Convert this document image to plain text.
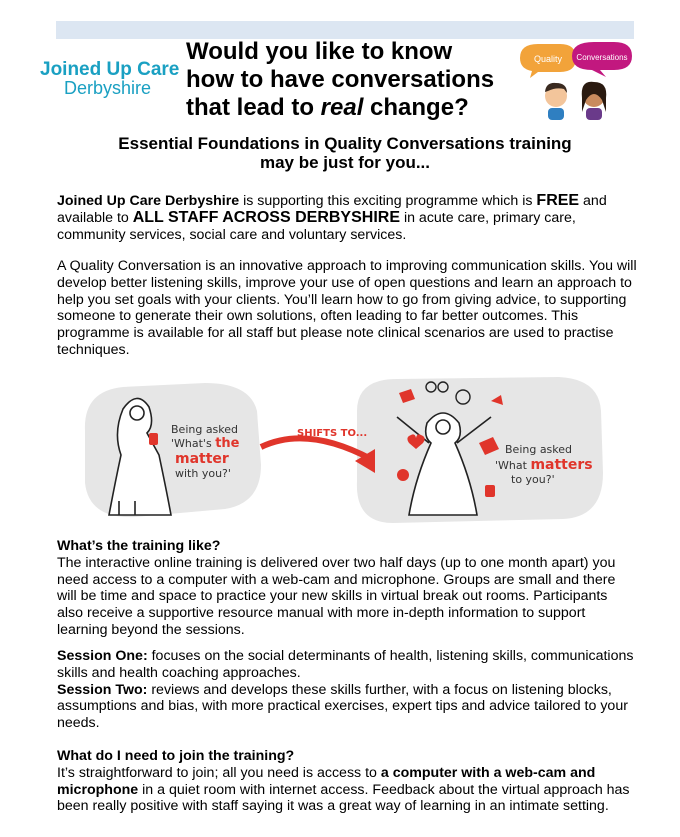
Joined Up Care
Derbyshire
Would you like to know
how to have conversations
that lead to real change?
Quality Conversations
Essential Foundations in Quality Conversations training
may be just for you...

Joined Up Care Derbyshire is supporting this exciting programme which is FREE and available to ALL STAFF ACROSS DERBYSHIRE in acute care, primary care, community services, social care and voluntary services.

A Quality Conversation is an innovative approach to improving communication skills. You will develop better listening skills, improve your use of open questions and learn an approach to help you set goals with your clients. You’ll learn how to go from giving advice, to supporting someone to generate their own solutions, often leading to far better outcomes. This programme is available for all staff but please note clinical scenarios are used to practise techniques.

Being asked 'What's the matter with you?'
SHIFTS TO...
Being asked 'What matters to you?'
What’s the training like?
The interactive online training is delivered over two half days (up to one month apart) you need access to a computer with a web-cam and microphone. Groups are small and there will be time and space to practice your new skills in virtual break out rooms. Participants also receive a supportive resource manual with more in-depth information to support learning beyond the sessions.
Session One: focuses on the social determinants of health, listening skills, communications skills and health coaching approaches.
Session Two: reviews and develops these skills further, with a focus on listening blocks, assumptions and bias, with more practical exercises, expert tips and advice tailored to your needs.
What do I need to join the training?
It’s straightforward to join; all you need is access to a computer with a web-cam and microphone in a quiet room with internet access. Feedback about the virtual approach has been really positive with staff saying it was a great way of learning in an intimate setting.
